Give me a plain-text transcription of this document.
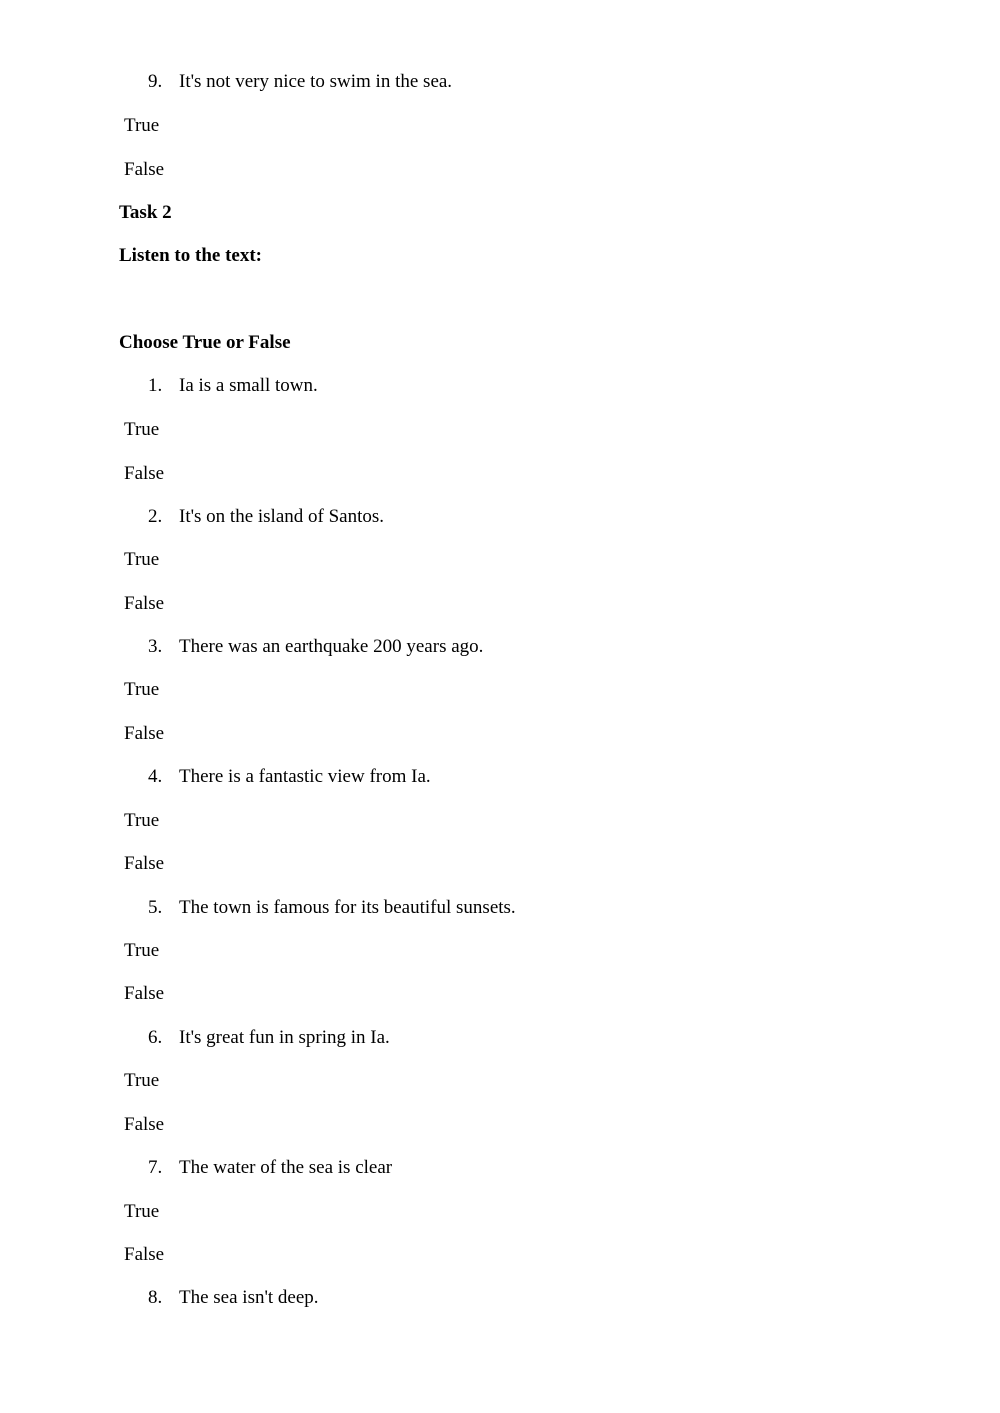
9. It's not very nice to swim in the sea.
True
False
Task 2
Listen to the text:
Choose True or False
1. Ia is a small town.
True
False
2. It's on the island of Santos.
True
False
3. There was an earthquake 200 years ago.
True
False
4. There is a fantastic view from Ia.
True
False
5. The town is famous for its beautiful sunsets.
True
False
6. It's great fun in spring in Ia.
True
False
7. The water of the sea is clear
True
False
8. The sea isn't deep.
